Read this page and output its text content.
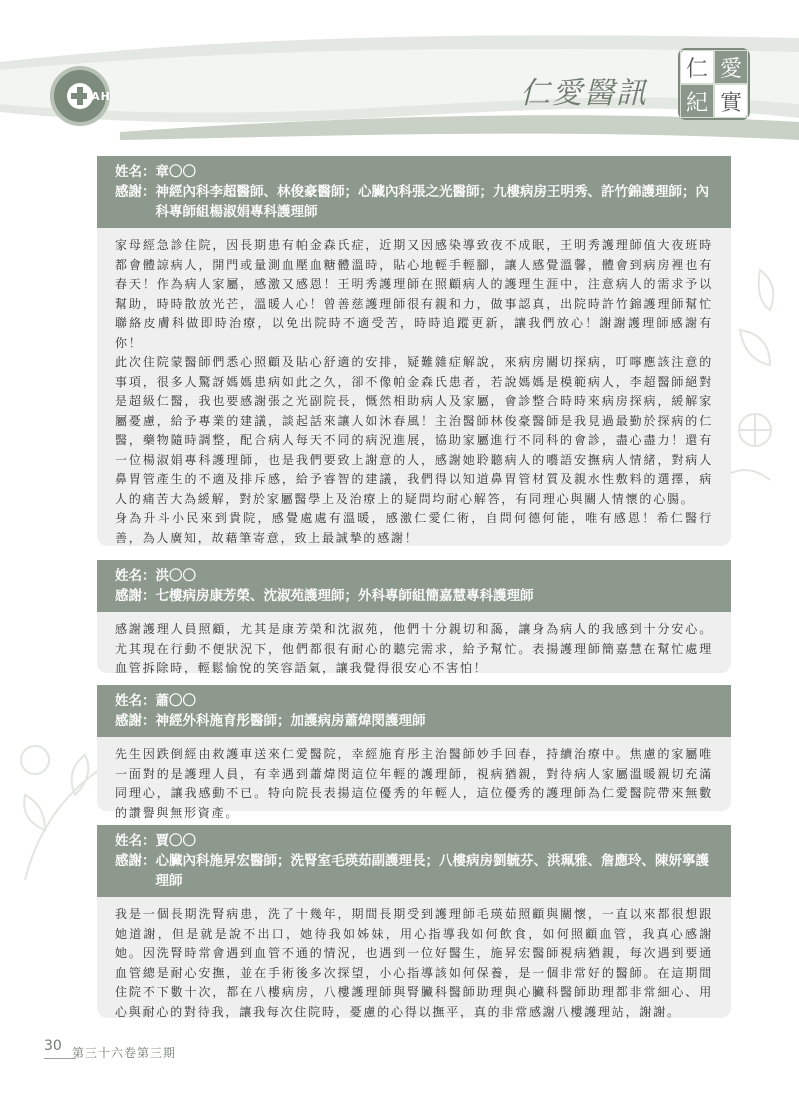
JAH	仁愛醫訊
仁 愛
紀 實
姓名： 章〇〇
感謝： 神經內科李超醫師、林俊豪醫師；心臟內科張之光醫師；九樓病房王明秀、許竹錦護理師；內科專師組楊淑娟專科護理師

家母經急診住院，因長期患有帕金森氏症，近期又因感染導致夜不成眠，王明秀護理師值大夜班時都會體諒病人，開門或量測血壓血糖體溫時，貼心地輕手輕腳，讓人感覺溫馨，體會到病房裡也有春天！作為病人家屬，感激又感恩！王明秀護理師在照顧病人的護理生涯中，注意病人的需求予以幫助，時時散放光芒，溫暖人心！曾善慈護理師很有親和力，做事認真，出院時許竹錦護理師幫忙聯絡皮膚科做即時治療，以免出院時不適受苦，時時追蹤更新，讓我們放心！謝謝護理師感謝有你！

此次住院蒙醫師們悉心照顧及貼心舒適的安排，疑難雜症解說，來病房關切探病，叮嚀應該注意的事項，很多人驚訝媽媽患病如此之久，卻不像帕金森氏患者，若說媽媽是模範病人，李超醫師絕對是超級仁醫，我也要感謝張之光副院長，慨然相助病人及家屬，會診整合時時來病房探病，緩解家屬憂慮，給予專業的建議，談起話來讓人如沐春風！主治醫師林俊豪醫師是我見過最勤於探病的仁醫，藥物隨時調整，配合病人每天不同的病況進展，協助家屬進行不同科的會診，盡心盡力！還有一位楊淑娟專科護理師，也是我們要致上謝意的人，感謝她聆聽病人的囈語安撫病人情緒，對病人鼻胃管產生的不適及排斥感，給予睿智的建議，我們得以知道鼻胃管材質及親水性敷料的選擇，病人的痛苦大為緩解，對於家屬醫學上及治療上的疑問均耐心解答，有同理心與關人情懷的心腸。

身為升斗小民來到貴院，感覺處處有溫暖，感激仁愛仁術，自問何德何能，唯有感恩！希仁醫行善，為人廣知，故藉筆寄意，致上最誠摯的感謝！

姓名： 洪〇〇
感謝： 七樓病房康芳榮、沈淑苑護理師；外科專師組簡嘉慧專科護理師

感謝護理人員照顧，尤其是康芳榮和沈淑苑，他們十分親切和藹，讓身為病人的我感到十分安心。尤其現在行動不便狀況下，他們都很有耐心的聽完需求，給予幫忙。表揚護理師簡嘉慧在幫忙處理血管拆除時，輕鬆愉悅的笑容語氣，讓我覺得很安心不害怕！

姓名： 蕭〇〇
感謝： 神經外科施育彤醫師；加護病房蕭煒閔護理師

先生因跌倒經由救護車送來仁愛醫院，幸經施育彤主治醫師妙手回春，持續治療中。焦慮的家屬唯一面對的是護理人員，有幸遇到蕭煒閔這位年輕的護理師，視病猶親，對待病人家屬溫暖親切充滿同理心，讓我感動不已。特向院長表揚這位優秀的年輕人，這位優秀的護理師為仁愛醫院帶來無數的讚譽與無形資產。

姓名： 賈〇〇
感謝： 心臟內科施昇宏醫師；洗腎室毛瑛茹副護理長；八樓病房劉毓芬、洪珮雅、詹應玲、陳妍寧護理師

我是一個長期洗腎病患，洗了十幾年，期間長期受到護理師毛瑛茹照顧與關懷，一直以來都很想跟她道謝，但是就是說不出口，她待我如姊妹，用心指導我如何飲食，如何照顧血管，我真心感謝她。因洗腎時常會遇到血管不通的情況，也遇到一位好醫生，施昇宏醫師視病猶親，每次遇到要通血管總是耐心安撫，並在手術後多次探望，小心指導該如何保養，是一個非常好的醫師。在這期間住院不下數十次，都在八樓病房，八樓護理師與腎臟科醫師助理與心臟科醫師助理都非常細心、用心與耐心的對待我，讓我每次住院時，憂慮的心得以撫平，真的非常感謝八樓護理站，謝謝。

30 第三十六卷第三期
